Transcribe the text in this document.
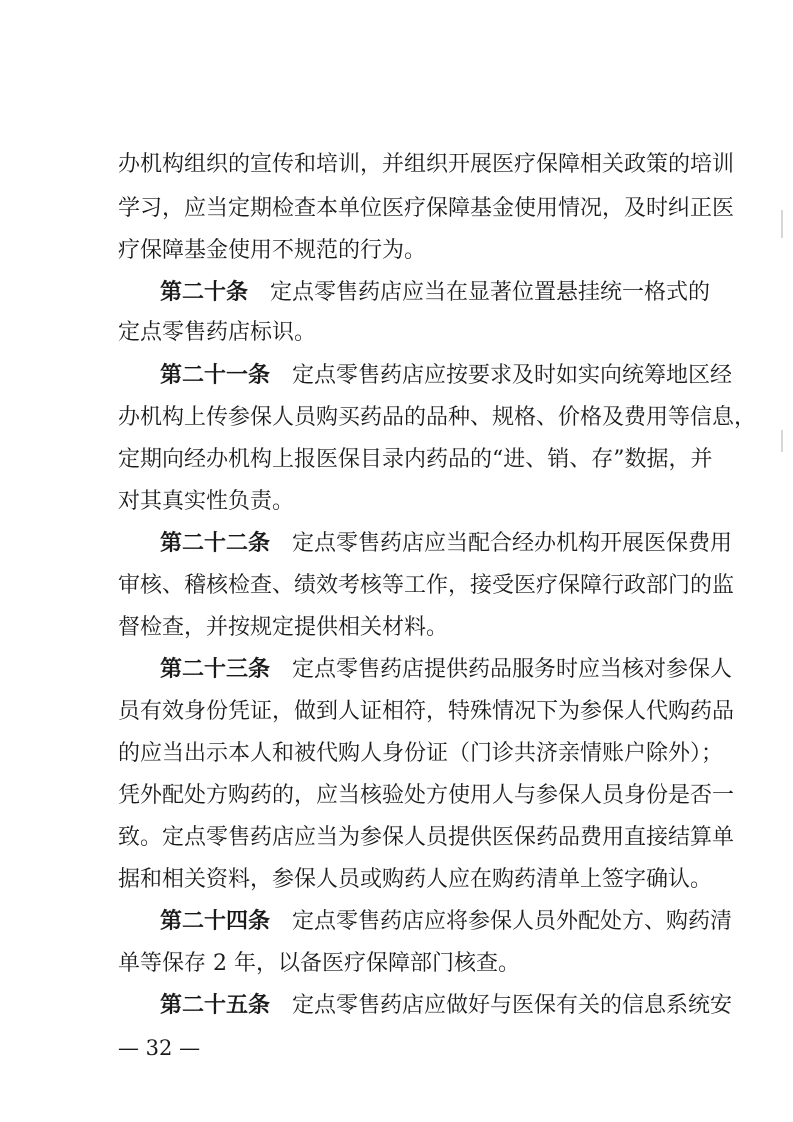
办机构组织的宣传和培训，并组织开展医疗保障相关政策的培训
学习，应当定期检查本单位医疗保障基金使用情况，及时纠正医
疗保障基金使用不规范的行为。
第二十条 定点零售药店应当在显著位置悬挂统一格式的
定点零售药店标识。
第二十一条 定点零售药店应按要求及时如实向统筹地区经
办机构上传参保人员购买药品的品种、规格、价格及费用等信息，
定期向经办机构上报医保目录内药品的“进、销、存”数据，并
对其真实性负责。
第二十二条 定点零售药店应当配合经办机构开展医保费用
审核、稽核检查、绩效考核等工作，接受医疗保障行政部门的监
督检查，并按规定提供相关材料。
第二十三条 定点零售药店提供药品服务时应当核对参保人
员有效身份凭证，做到人证相符，特殊情况下为参保人代购药品
的应当出示本人和被代购人身份证（门诊共济亲情账户除外）；
凭外配处方购药的，应当核验处方使用人与参保人员身份是否一
致。定点零售药店应当为参保人员提供医保药品费用直接结算单
据和相关资料，参保人员或购药人应在购药清单上签字确认。
第二十四条 定点零售药店应将参保人员外配处方、购药清
单等保存 2 年，以备医疗保障部门核查。
第二十五条 定点零售药店应做好与医保有关的信息系统安
— 32 —
